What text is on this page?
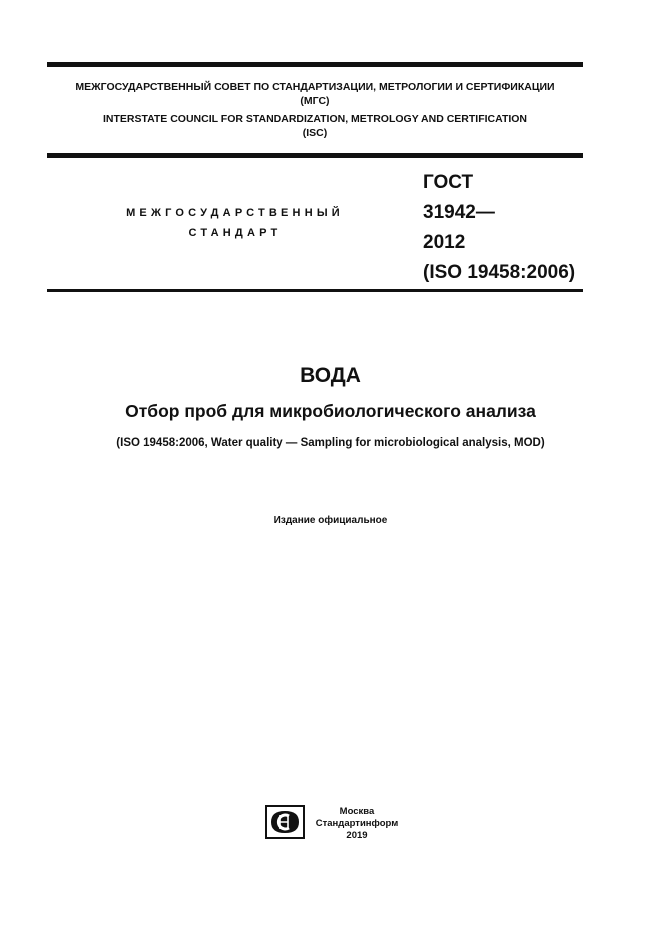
МЕЖГОСУДАРСТВЕННЫЙ СОВЕТ ПО СТАНДАРТИЗАЦИИ, МЕТРОЛОГИИ И СЕРТИФИКАЦИИ
(МГС)
INTERSTATE COUNCIL FOR STANDARDIZATION, METROLOGY AND CERTIFICATION
(ISC)
МЕЖГОСУДАРСТВЕННЫЙ
СТАНДАРТ
ГОСТ
31942—
2012
(ISO 19458:2006)
ВОДА
Отбор проб для микробиологического анализа
(ISO 19458:2006, Water quality — Sampling for microbiological analysis, MOD)
Издание официальное
Москва
Стандартинформ
2019
